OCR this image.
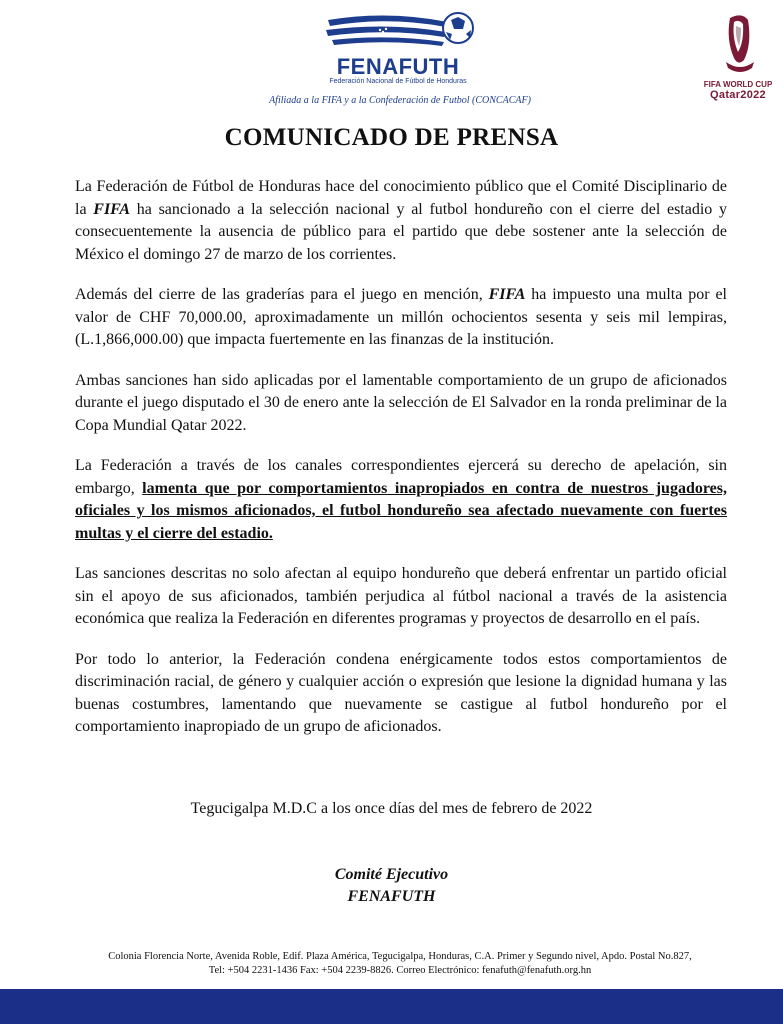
FENAFUTH
Federación Nacional de Fútbol de Honduras
Afiliada a la FIFA y a la Confederación de Futbol (CONCACAF)
FIFA WORLD CUP
Qatar2022
COMUNICADO DE PRENSA

La Federación de Fútbol de Honduras hace del conocimiento público que el Comité Disciplinario de la FIFA ha sancionado a la selección nacional y al futbol hondureño con el cierre del estadio y consecuentemente la ausencia de público para el partido que debe sostener ante la selección de México el domingo 27 de marzo de los corrientes.

Además del cierre de las graderías para el juego en mención, FIFA ha impuesto una multa por el valor de CHF 70,000.00, aproximadamente un millón ochocientos sesenta y seis mil lempiras, (L.1,866,000.00) que impacta fuertemente en las finanzas de la institución.

Ambas sanciones han sido aplicadas por el lamentable comportamiento de un grupo de aficionados durante el juego disputado el 30 de enero ante la selección de El Salvador en la ronda preliminar de la Copa Mundial Qatar 2022.

La Federación a través de los canales correspondientes ejercerá su derecho de apelación, sin embargo, lamenta que por comportamientos inapropiados en contra de nuestros jugadores, oficiales y los mismos aficionados, el futbol hondureño sea afectado nuevamente con fuertes multas y el cierre del estadio.

Las sanciones descritas no solo afectan al equipo hondureño que deberá enfrentar un partido oficial sin el apoyo de sus aficionados, también perjudica al fútbol nacional a través de la asistencia económica que realiza la Federación en diferentes programas y proyectos de desarrollo en el país.

Por todo lo anterior, la Federación condena enérgicamente todos estos comportamientos de discriminación racial, de género y cualquier acción o expresión que lesione la dignidad humana y las buenas costumbres, lamentando que nuevamente se castigue al futbol hondureño por el comportamiento inapropiado de un grupo de aficionados.

Tegucigalpa M.D.C a los once días del mes de febrero de 2022
Comité Ejecutivo
FENAFUTH
Colonia Florencia Norte, Avenida Roble, Edif. Plaza América, Tegucigalpa, Honduras, C.A. Primer y Segundo nivel, Apdo. Postal No.827,
Tel: +504 2231-1436 Fax: +504 2239-8826. Correo Electrónico: fenafuth@fenafuth.org.hn
